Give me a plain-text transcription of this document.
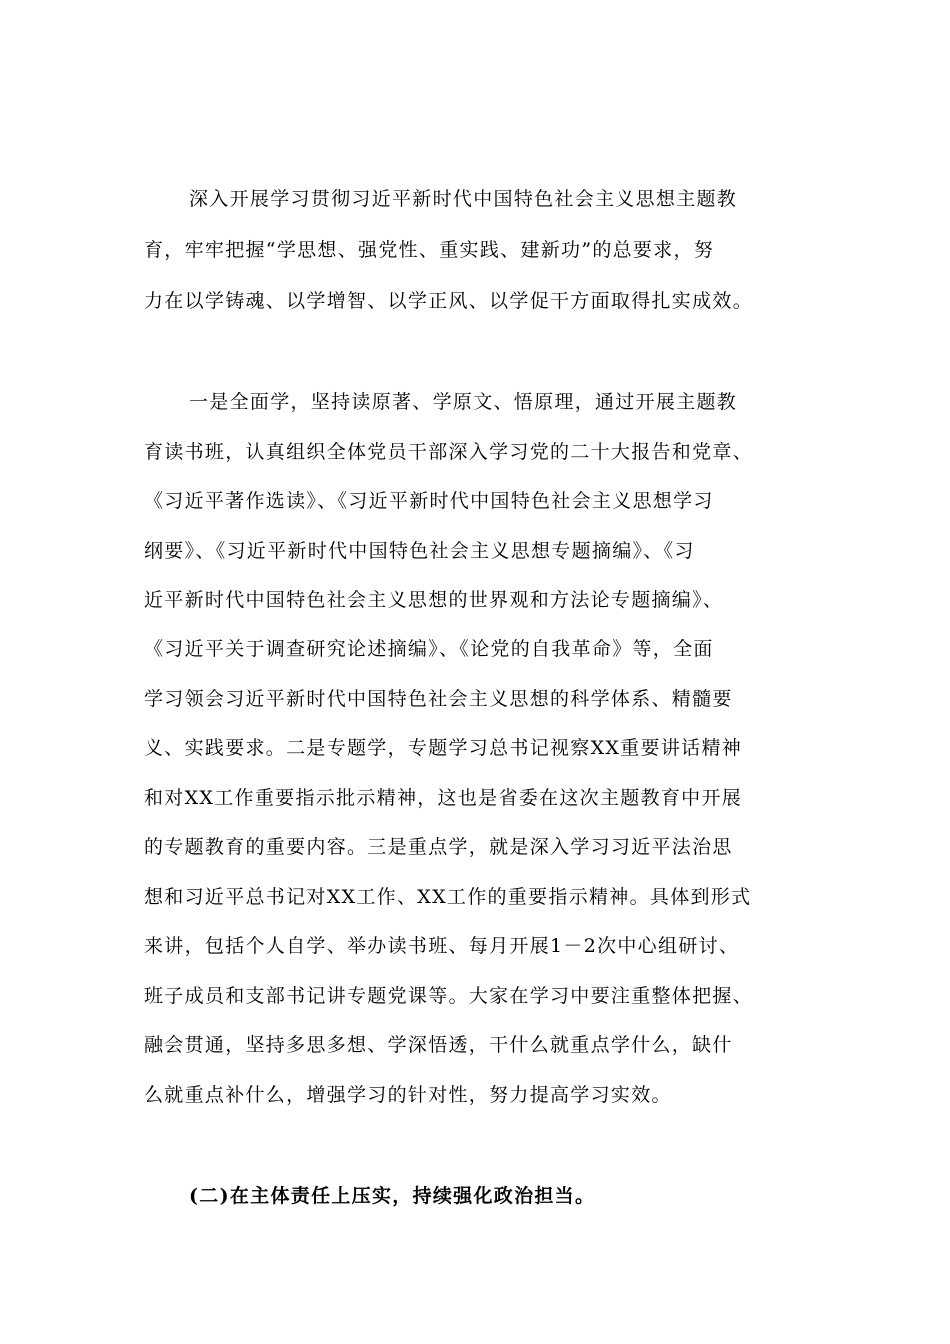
深入开展学习贯彻习近平新时代中国特色社会主义思想主题教
育，牢牢把握“学思想、强党性、重实践、建新功”的总要求，努
力在以学铸魂、以学增智、以学正风、以学促干方面取得扎实成效。
一是全面学，坚持读原著、学原文、悟原理，通过开展主题教
育读书班，认真组织全体党员干部深入学习党的二十大报告和党章、
《习近平著作选读》、《习近平新时代中国特色社会主义思想学习
纲要》、《习近平新时代中国特色社会主义思想专题摘编》、《习
近平新时代中国特色社会主义思想的世界观和方法论专题摘编》、
《习近平关于调查研究论述摘编》、《论党的自我革命》等，全面
学习领会习近平新时代中国特色社会主义思想的科学体系、精髓要
义、实践要求。二是专题学，专题学习总书记视察XX重要讲话精神
和对XX工作重要指示批示精神，这也是省委在这次主题教育中开展
的专题教育的重要内容。三是重点学，就是深入学习习近平法治思
想和习近平总书记对XX工作、XX工作的重要指示精神。具体到形式
来讲，包括个人自学、举办读书班、每月开展1－2次中心组研讨、
班子成员和支部书记讲专题党课等。大家在学习中要注重整体把握、
融会贯通，坚持多思多想、学深悟透，干什么就重点学什么，缺什
么就重点补什么，增强学习的针对性，努力提高学习实效。
(二)在主体责任上压实，持续强化政治担当。
